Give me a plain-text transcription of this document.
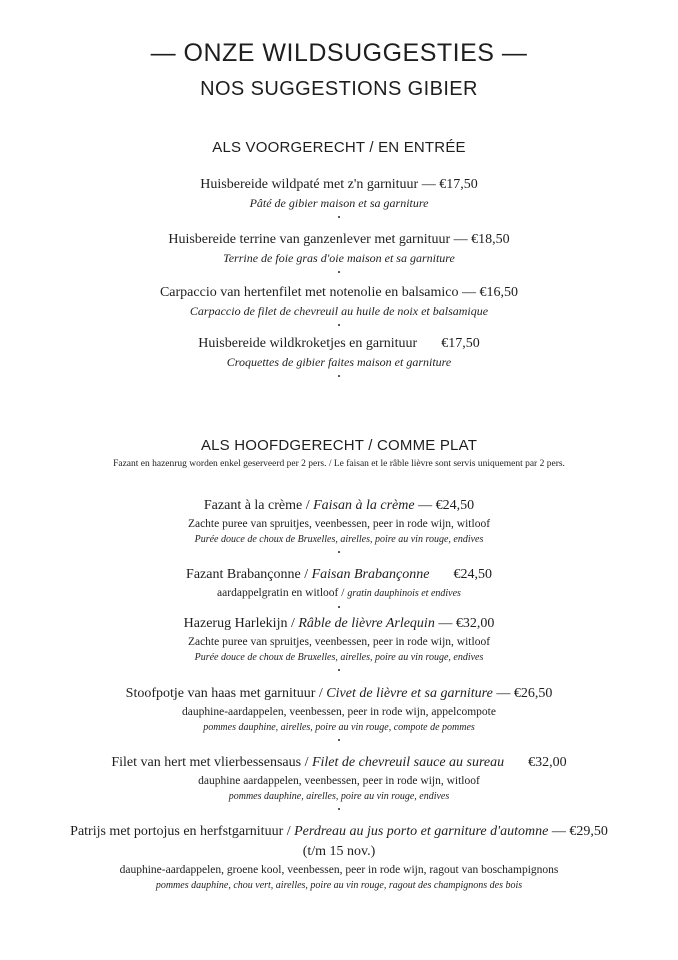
— ONZE WILDSUGGESTIES —
NOS SUGGESTIONS GIBIER
ALS VOORGERECHT / EN ENTRÉE
Huisbereide wildpaté met z'n garnituur — €17,50
Pâté de gibier maison et sa garniture
•
Huisbereide terrine van ganzenlever met garnituur — €18,50
Terrine de foie gras d'oie maison et sa garniture
•
Carpaccio van hertenfilet met notenolie en balsamico — €16,50
Carpaccio de filet de chevreuil au huile de noix et balsamique
•
Huisbereide wildkroketjes en garnituur €17,50
Croquettes de gibier faites maison et garniture
•
ALS HOOFDGERECHT / COMME PLAT
Fazant en hazenrug worden enkel geserveerd per 2 pers. / Le faisan et le râble lièvre sont servis uniquement par 2 pers.
Fazant à la crème / Faisan à la crème — €24,50
Zachte puree van spruitjes, veenbessen, peer in rode wijn, witloof
Purée douce de choux de Bruxelles, airelles, poire au vin rouge, endives
•
Fazant Brabançonne / Faisan Brabançonne €24,50
aardappelgratin en witloof / gratin dauphinois et endives
•
Hazerug Harlekijn / Râble de lièvre Arlequin — €32,00
Zachte puree van spruitjes, veenbessen, peer in rode wijn, witloof
Purée douce de choux de Bruxelles, airelles, poire au vin rouge, endives
•
Stoofpotje van haas met garnituur / Civet de lièvre et sa garniture — €26,50
dauphine-aardappelen, veenbessen, peer in rode wijn, appelcompote
pommes dauphine, airelles, poire au vin rouge, compote de pommes
•
Filet van hert met vlierbessensaus / Filet de chevreuil sauce au sureau €32,00
dauphine aardappelen, veenbessen, peer in rode wijn, witloof
pommes dauphine, airelles, poire au vin rouge, endives
•
Patrijs met portojus en herfstgarnituur / Perdreau au jus porto et garniture d'automne — €29,50
(t/m 15 nov.)
dauphine-aardappelen, groene kool, veenbessen, peer in rode wijn, ragout van boschampignons
pommes dauphine, chou vert, airelles, poire au vin rouge, ragout des champignons des bois
